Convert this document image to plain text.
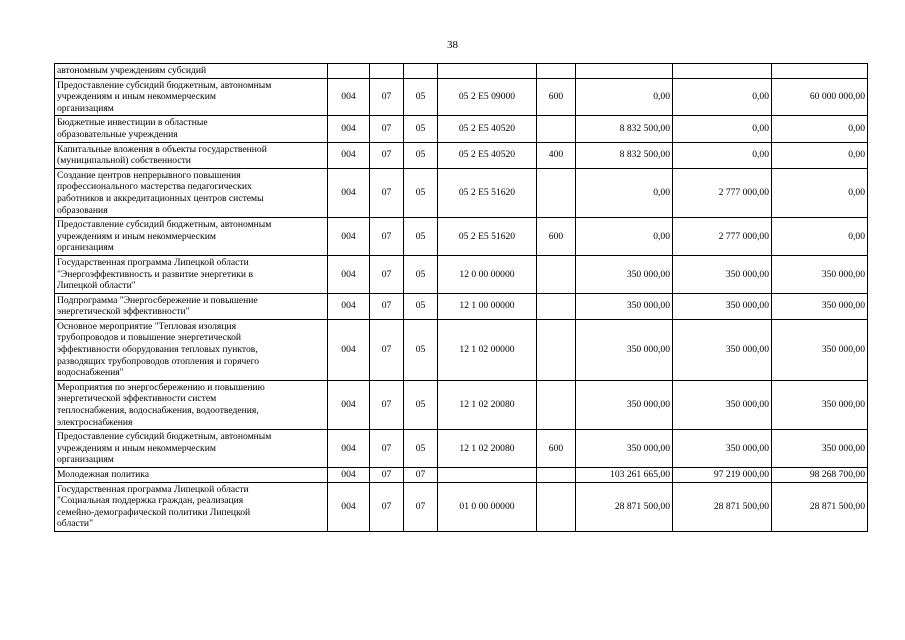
38
автономным учреждениям субсидий								

Предоставление субсидий бюджетным, автономным
учреждениям и иным некоммерческим
организациям	004	07	05	05 2 E5 09000	600	0,00	0,00	60 000 000,00

Бюджетные инвестиции в областные
образовательные учреждения	004	07	05	05 2 E5 40520		8 832 500,00	0,00	0,00

Капитальные вложения в объекты государственной
(муниципальной) собственности	004	07	05	05 2 E5 40520	400	8 832 500,00	0,00	0,00

Создание центров непрерывного повышения
профессионального мастерства педагогических
работников и аккредитационных центров системы
образования	004	07	05	05 2 E5 51620		0,00	2 777 000,00	0,00

Предоставление субсидий бюджетным, автономным
учреждениям и иным некоммерческим
организациям	004	07	05	05 2 E5 51620	600	0,00	2 777 000,00	0,00

Государственная программа Липецкой области
"Энергоэффективность и развитие энергетики в
Липецкой области"	004	07	05	12 0 00 00000		350 000,00	350 000,00	350 000,00

Подпрограмма "Энергосбережение и повышение
энергетической эффективности"	004	07	05	12 1 00 00000		350 000,00	350 000,00	350 000,00

Основное мероприятие "Тепловая изоляция
трубопроводов и повышение энергетической
эффективности оборудования тепловых пунктов,
разводящих трубопроводов отопления и горячего
водоснабжения"	004	07	05	12 1 02 00000		350 000,00	350 000,00	350 000,00

Мероприятия по энергосбережению и повышению
энергетической эффективности систем
теплоснабжения, водоснабжения, водоотведения,
электроснабжения	004	07	05	12 1 02 20080		350 000,00	350 000,00	350 000,00

Предоставление субсидий бюджетным, автономным
учреждениям и иным некоммерческим
организациям	004	07	05	12 1 02 20080	600	350 000,00	350 000,00	350 000,00

Молодежная политика	004	07	07			103 261 665,00	97 219 000,00	98 268 700,00

Государственная программа Липецкой области
"Социальная поддержка граждан, реализация
семейно-демографической политики Липецкой
области"	004	07	07	01 0 00 00000		28 871 500,00	28 871 500,00	28 871 500,00
